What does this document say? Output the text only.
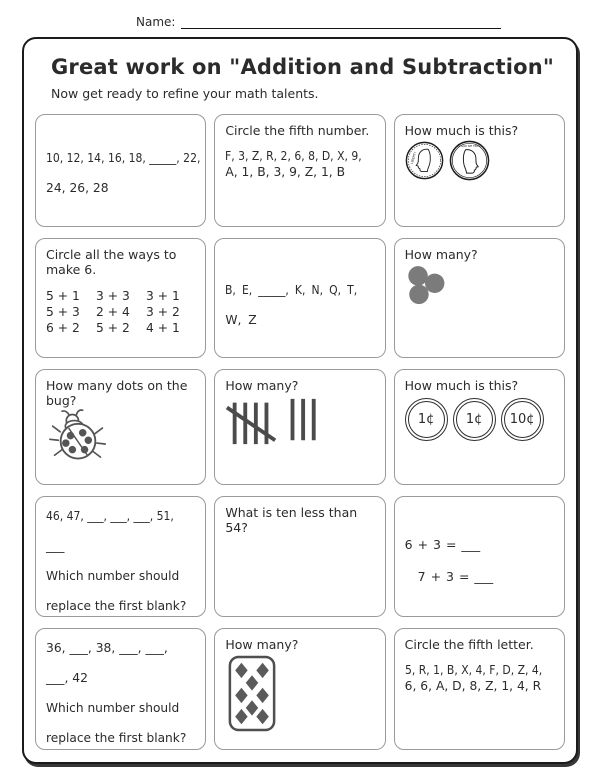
Name:
Great work on "Addition and Subtraction"

Now get ready to refine your math talents.

10, 12, 14, 16, 18, _____, 22,

24, 26, 28

Circle the fifth number.

F, 3, Z, R, 2, 6, 8, D, X, 9,

A, 1, B, 3, 9, Z, 1, B

How much is this?

LIBERTY
IN GOD WE TRUST

Circle all the ways to make 6.

5 + 1	3 + 3	3 + 1
5 + 3	2 + 4	3 + 2
6 + 2	5 + 2	4 + 1

B, E, _____, K, N, Q, T,

W, Z

How many?

How many dots on the bug?

How many?	How much is this?

1¢ 1¢ 10¢

46, 47, ___, ___, ___, 51,

___

Which number should replace the first blank?

What is ten less than 54?

6 + 3 = ___

7 + 3 = ___

36, ___, 38, ___, ___,

___, 42

Which number should replace the first blank?

How many?	Circle the fifth letter.

5, R, 1, B, X, 4, F, D, Z, 4,

6, 6, A, D, 8, Z, 1, 4, R
